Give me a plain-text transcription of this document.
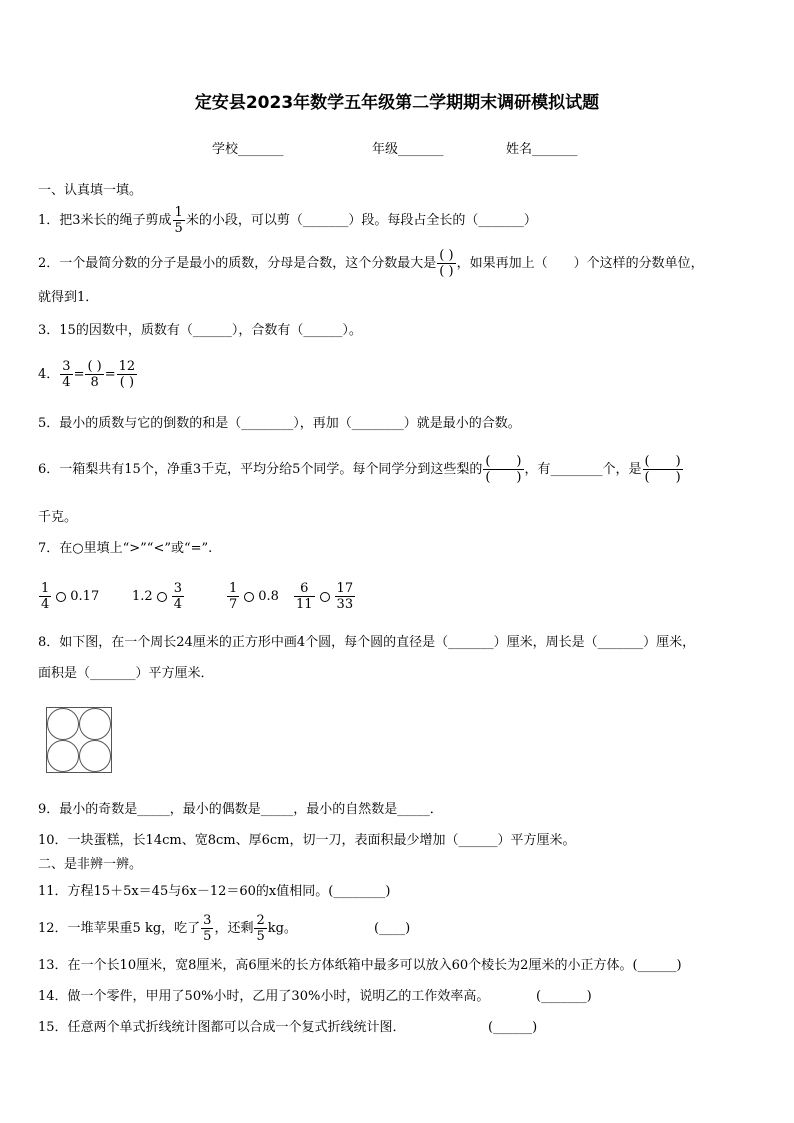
定安县2023年数学五年级第二学期期末调研模拟试题
学校_______	年级_______	姓名_______
一、认真填一填。
1．把3米长的绳子剪成 $\frac{1}{5}$ 米的小段，可以剪（_______）段。每段占全长的（_______）
2．一个最简分数的分子是最小的质数，分母是合数，这个分数最大是 $\frac{( )}{( )}$ ，如果再加上（　　）个这样的分数单位，
就得到1．
3．15的因数中，质数有（______），合数有（______）。
4． $\frac{3}{4} = \frac{( )}{8} = \frac{12}{( )}$
5．最小的质数与它的倒数的和是（________），再加（________）就是最小的合数。
6．一箱梨共有15个，净重3千克，平均分给5个同学。每个同学分到这些梨的 $\frac{( )}{( )}$ ，有________个，是 $\frac{( )}{( )}$
千克。
7．在○里填上“>”“<”或“=”.
$\frac{1}{4} 0.17$	$1.2 \frac{3}{4}$	$\frac{1}{7} 0.8 \frac{6}{11} \frac{17}{33}$
8．如下图，在一个周长24厘米的正方形中画4个圆，每个圆的直径是（_______）厘米，周长是（_______）厘米，
面积是（_______）平方厘米．
9．最小的奇数是_____，最小的偶数是_____，最小的自然数是_____．
10．一块蛋糕，长14cm、宽8cm、厚6cm，切一刀，表面积最少增加（______）平方厘米。
二、是非辨一辨。
11．方程15＋5x＝45与6x－12＝60的x值相同。(________)
12．一堆苹果重5 kg，吃了 $\frac{3}{5}$ ，还剩 $\frac{2}{5}$ kg。	(____)
13．在一个长10厘米，宽8厘米，高6厘米的长方体纸箱中最多可以放入60个棱长为2厘米的小正方体。(______)
14．做一个零件，甲用了50%小时，乙用了30%小时，说明乙的工作效率高。	(_______)
15．任意两个单式折线统计图都可以合成一个复式折线统计图．	(______)
